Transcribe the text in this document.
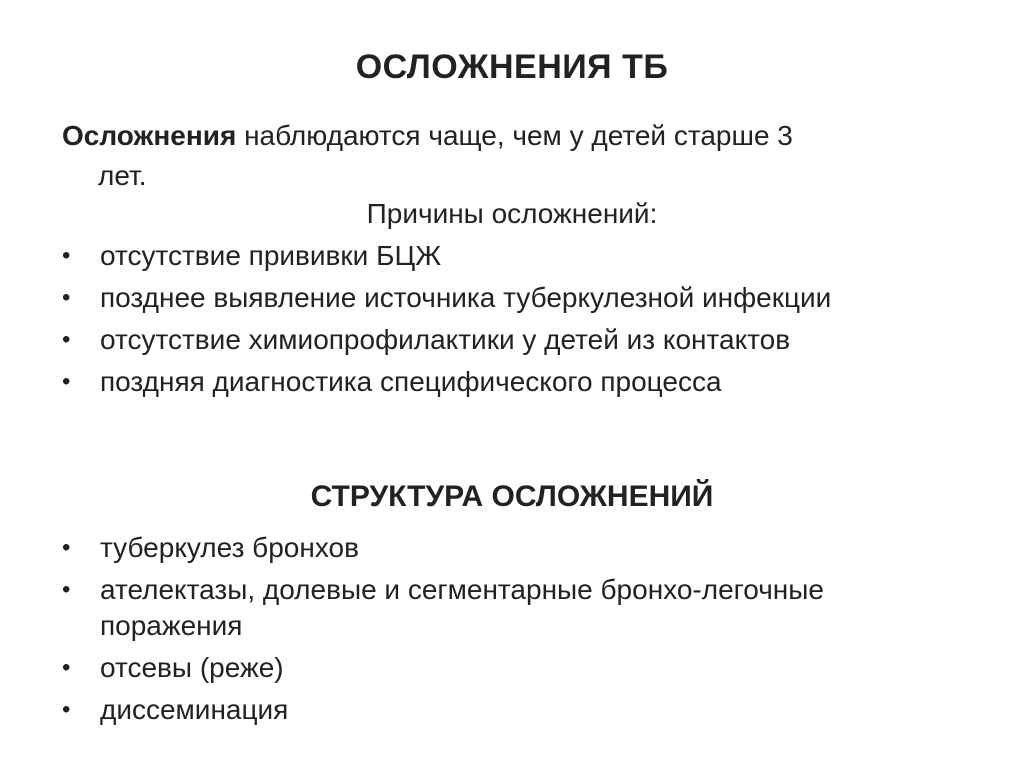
ОСЛОЖНЕНИЯ ТБ
Осложнения наблюдаются чаще, чем у детей старше 3
лет.
Причины осложнений:
• отсутствие прививки БЦЖ
• позднее выявление источника туберкулезной инфекции
• отсутствие химиопрофилактики у детей из контактов
• поздняя диагностика специфического процесса
СТРУКТУРА ОСЛОЖНЕНИЙ
• туберкулез бронхов
• ателектазы, долевые и сегментарные бронхо-легочные поражения
• отсевы (реже)
• диссеминация
